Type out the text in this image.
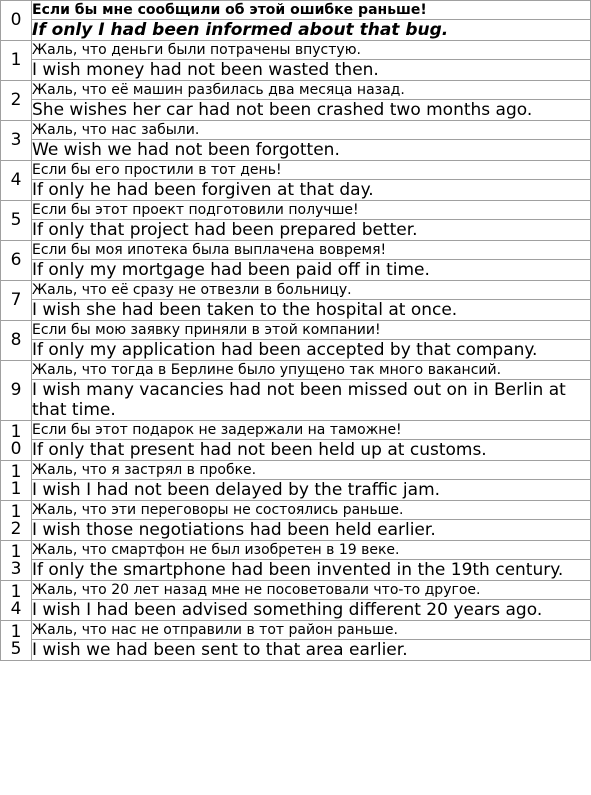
0	Если бы мне сообщили об этой ошибке раньше!
	If only I had been informed about that bug.
1	Жаль, что деньги были потрачены впустую.
	I wish money had not been wasted then.
2	Жаль, что её машин разбилась два месяца назад.
	She wishes her car had not been crashed two months ago.
3	Жаль, что нас забыли.
	We wish we had not been forgotten.
4	Если бы его простили в тот день!
	If only he had been forgiven at that day.
5	Если бы этот проект подготовили получше!
	If only that project had been prepared better.
6	Если бы моя ипотека была выплачена вовремя!
	If only my mortgage had been paid off in time.
7	Жаль, что её сразу не отвезли в больницу.
	I wish she had been taken to the hospital at once.
8	Если бы мою заявку приняли в этой компании!
	If only my application had been accepted by that company.
9	Жаль, что тогда в Берлине было упущено так много вакансий.
	I wish many vacancies had not been missed out on in Berlin at that time.
10	Если бы этот подарок не задержали на таможне!
	If only that present had not been held up at customs.
11	Жаль, что я застрял в пробке.
	I wish I had not been delayed by the traffic jam.
12	Жаль, что эти переговоры не состоялись раньше.
	I wish those negotiations had been held earlier.
13	Жаль, что смартфон не был изобретен в 19 веке.
	If only the smartphone had been invented in the 19th century.
14	Жаль, что 20 лет назад мне не посоветовали что-то другое.
	I wish I had been advised something different 20 years ago.
15	Жаль, что нас не отправили в тот район раньше.
	I wish we had been sent to that area earlier.
